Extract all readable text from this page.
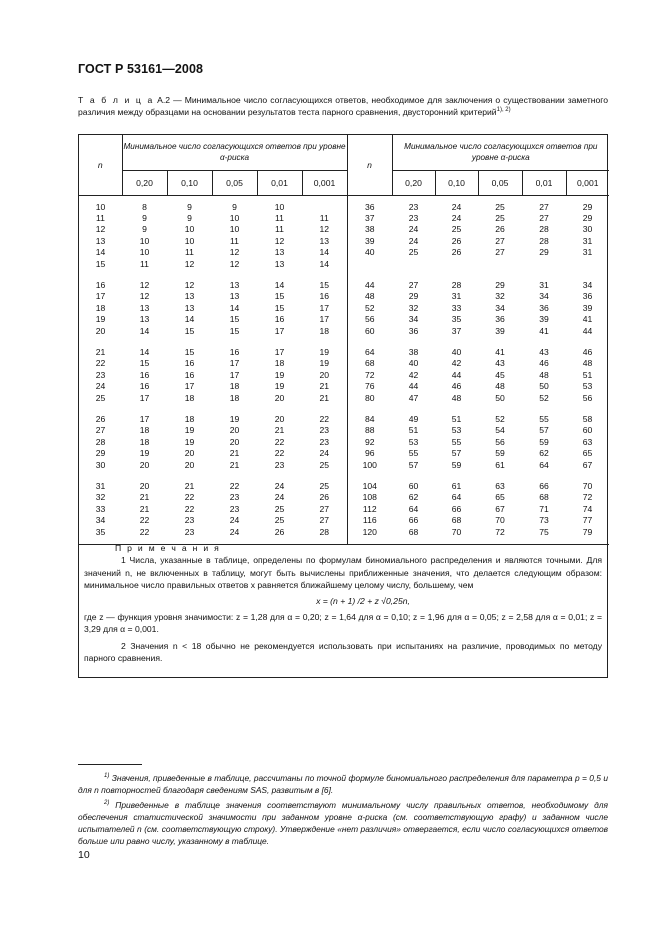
ГОСТ Р 53161—2008
Т а б л и ц а А.2 — Минимальное число согласующихся ответов, необходимое для заключения о существовании заметного различия между образцами на основании результатов теста парного сравнения, двусторонний критерий$^{1), 2)}$
n	Минимальное число согласующихся ответов при уровне α-риска					n	Минимальное число согласующихся ответов при уровне α-риска				
	0,20	0,10	0,05	0,01	0,001		0,20	0,10	0,05	0,01	0,001
10	8	9	9	10		36	23	24	25	27	29
11	9	9	10	11	11	37	23	24	25	27	29
12	9	10	10	11	12	38	24	25	26	28	30
13	10	10	11	12	13	39	24	26	27	28	31
14	10	11	12	13	14	40	25	26	27	29	31
15	11	12	12	13	14						

16	12	12	13	14	15	44	27	28	29	31	34
17	12	13	13	15	16	48	29	31	32	34	36
18	13	13	14	15	17	52	32	33	34	36	39
19	13	14	15	16	17	56	34	35	36	39	41
20	14	15	15	17	18	60	36	37	39	41	44

21	14	15	16	17	19	64	38	40	41	43	46
22	15	16	17	18	19	68	40	42	43	46	48
23	16	16	17	19	20	72	42	44	45	48	51
24	16	17	18	19	21	76	44	46	48	50	53
25	17	18	18	20	21	80	47	48	50	52	56

26	17	18	19	20	22	84	49	51	52	55	58
27	18	19	20	21	23	88	51	53	54	57	60
28	18	19	20	22	23	92	53	55	56	59	63
29	19	20	21	22	24	96	55	57	59	62	65
30	20	20	21	23	25	100	57	59	61	64	67

31	20	21	22	24	25	104	60	61	63	66	70
32	21	22	23	24	26	108	62	64	65	68	72
33	21	22	23	25	27	112	64	66	67	71	74
34	22	23	24	25	27	116	66	68	70	73	77
35	22	23	24	26	28	120	68	70	72	75	79
П р и м е ч а н и я
1 Числа, указанные в таблице, определены по формулам биномиального распределения и являются точными. Для значений n, не включенных в таблицу, могут быть вычислены приближенные значения, что делается следующим образом: минимальное число правильных ответов x равняется ближайшему целому числу, большему, чем
x = (n + 1) /2 + z √0,25n,
где z — функция уровня значимости: z = 1,28 для α = 0,20; z = 1,64 для α = 0,10; z = 1,96 для α = 0,05; z = 2,58 для α = 0,01; z = 3,29 для α = 0,001.
2 Значения n < 18 обычно не рекомендуется использовать при испытаниях на различие, проводимых по методу парного сравнения.

$^{1)}$ Значения, приведенные в таблице, рассчитаны по точной формуле биномиального распределения для параметра р = 0,5 и для n повторностей благодаря сведениям SAS, развитым в [6].

$^{2)}$ Приведенные в таблице значения соответствуют минимальному числу правильных ответов, необходимому для обеспечения статистической значимости при заданном уровне α-риска (см. соответствующую графу) и заданном числе испытателей n (см. соответствующую строку). Утверждение «нет различия» отвергается, если число согласующихся ответов больше или равно числу, указанному в таблице.

10
